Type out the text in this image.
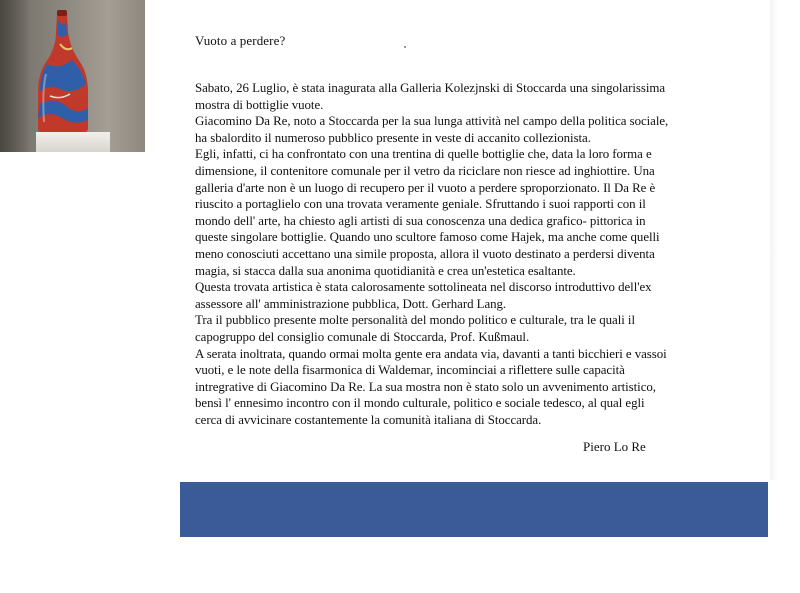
Vuoto a perdere?
Sabato, 26 Luglio, è stata inagurata alla Galleria Kolezjnski di Stoccarda una singolarissima
mostra di bottiglie vuote.
Giacomino Da Re, noto a Stoccarda per la sua lunga attività nel campo della politica sociale,
ha sbalordito il numeroso pubblico presente in veste di accanito collezionista.
Egli, infatti, ci ha confrontato con una trentina di quelle bottiglie che, data la loro forma e
dimensione, il contenitore comunale per il vetro da riciclare non riesce ad inghiottire. Una
galleria d'arte non è un luogo di recupero per il vuoto a perdere sproporzionato. Il Da Re è
riuscito a portaglielo con una trovata veramente geniale. Sfruttando i suoi rapporti con il
mondo dell' arte, ha chiesto agli artisti di sua conoscenza una dedica grafico- pittorica in
queste singolare bottiglie. Quando uno scultore famoso come Hajek, ma anche come quelli
meno conosciuti accettano una simile proposta, allora il vuoto destinato a perdersi diventa
magia, si stacca dalla sua anonima quotidianità e crea un'estetica esaltante.
Questa trovata artistica è stata calorosamente sottolineata nel discorso introduttivo dell'ex
assessore all' amministrazione pubblica, Dott. Gerhard Lang.
Tra il pubblico presente molte personalità del mondo politico e culturale, tra le quali il
capogruppo del consiglio comunale di Stoccarda, Prof. Kußmaul.
A serata inoltrata, quando ormai molta gente era andata via, davanti a tanti bicchieri e vassoi
vuoti, e le note della fisarmonica di Waldemar, incominciai a riflettere sulle capacità
intregrative di Giacomino Da Re. La sua mostra non è stato solo un avvenimento artistico,
bensì l' ennesimo incontro con il mondo culturale, politico e sociale tedesco, al qual egli
cerca di avvicinare costantemente la comunità italiana di Stoccarda.
Piero Lo Re
